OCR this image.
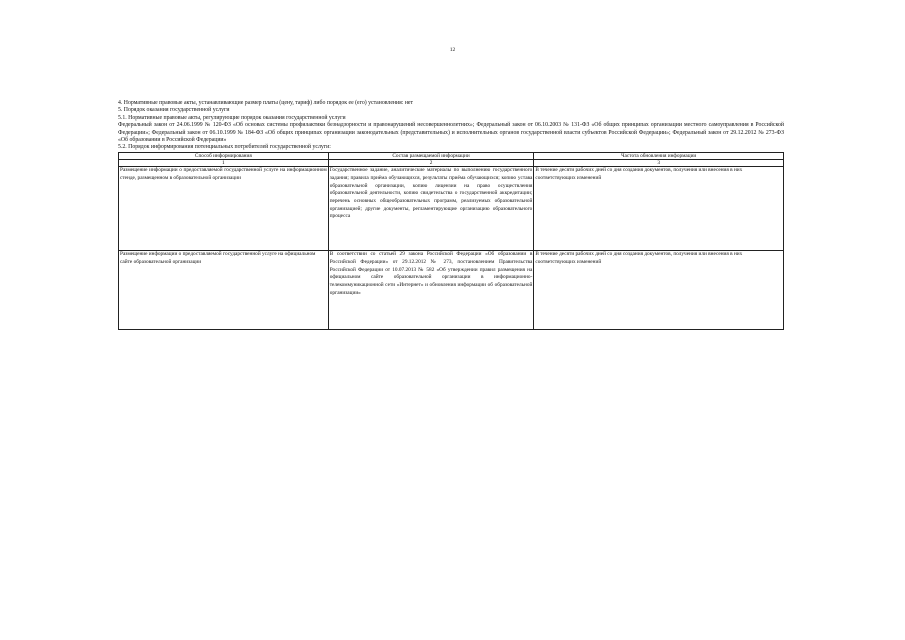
12

4. Нормативные правовые акты, устанавливающие размер платы (цену, тариф) либо порядок ее (его) установления: нет

5. Порядок оказания государственной услуги

5.1. Нормативные правовые акты, регулирующие порядок оказания государственной услуги

Федеральный закон от 24.06.1999 № 120-ФЗ «Об основах системы профилактики безнадзорности и правонарушений несовершеннолетних»; Федеральный закон от 06.10.2003 № 131-ФЗ «Об общих принципах организации местного самоуправления в Российской Федерации»; Федеральный закон от 06.10.1999 № 184-ФЗ «Об общих принципах организации законодательных (представительных) и исполнительных органов государственной власти субъектов Российской Федерации»; Федеральный закон от 29.12.2012 № 273-ФЗ «Об образовании в Российской Федерации»

5.2. Порядок информирования потенциальных потребителей государственной услуги:

Способ информирования	Состав размещаемой информации	Частота обновления информации
1	2	3
Размещение информации о предоставляемой государственной услуге на информационном стенде, размещенном в образовательной организации	Государственное задание, аналитические материалы по выполнению государственного задания; правила приёма обучающихся, результаты приёма обучающихся; копию устава образовательной организации, копию лицензии на право осуществления образовательной деятельности, копию свидетельства о государственной аккредитации; перечень основных общеобразовательных программ, реализуемых образовательной организацией; другие документы, регламентирующие организацию образовательного процесса	В течение десяти рабочих дней со дня создания документов, получения или внесения в них соответствующих изменений
Размещение информации о предоставляемой государственной услуге на официальном сайте образовательной организации	В соответствии со статьей 29 закона Российской Федерации «Об образовании в Российской Федерации» от 29.12.2012 № 273, постановлением Правительства Российской Федерации от 10.07.2013 № 582 «Об утверждении правил размещения на официальном сайте образовательной организации в информационно-телекоммуникационной сети «Интернет» и обновления информации об образовательной организации»	В течение десяти рабочих дней со дня создания документов, получения или внесения в них соответствующих изменений
